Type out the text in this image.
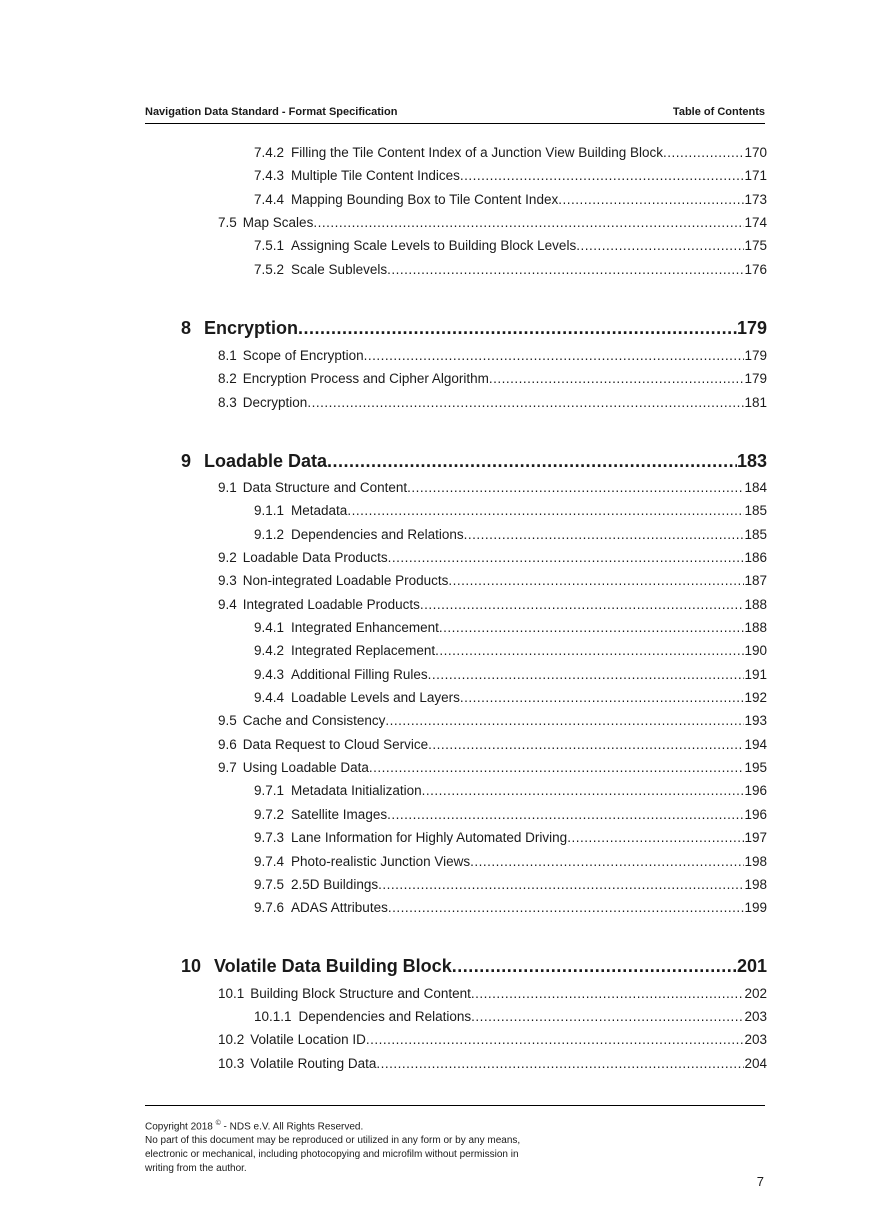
Navigation Data Standard - Format Specification	Table of Contents
7.4.2 Filling the Tile Content Index of a Junction View Building Block .....	170
7.4.3 Multiple Tile Content Indices .....	171
7.4.4 Mapping Bounding Box to Tile Content Index .....	173
7.5 Map Scales .....	174
7.5.1 Assigning Scale Levels to Building Block Levels .....	175
7.5.2 Scale Sublevels .....	176
8 Encryption .....	179
8.1 Scope of Encryption .....	179
8.2 Encryption Process and Cipher Algorithm .....	179
8.3 Decryption .....	181
9 Loadable Data .....	183
9.1 Data Structure and Content .....	184
9.1.1 Metadata .....	185
9.1.2 Dependencies and Relations .....	185
9.2 Loadable Data Products .....	186
9.3 Non-integrated Loadable Products .....	187
9.4 Integrated Loadable Products .....	188
9.4.1 Integrated Enhancement .....	188
9.4.2 Integrated Replacement .....	190
9.4.3 Additional Filling Rules .....	191
9.4.4 Loadable Levels and Layers .....	192
9.5 Cache and Consistency .....	193
9.6 Data Request to Cloud Service .....	194
9.7 Using Loadable Data .....	195
9.7.1 Metadata Initialization .....	196
9.7.2 Satellite Images .....	196
9.7.3 Lane Information for Highly Automated Driving .....	197
9.7.4 Photo-realistic Junction Views .....	198
9.7.5 2.5D Buildings .....	198
9.7.6 ADAS Attributes .....	199
10 Volatile Data Building Block .....	201
10.1 Building Block Structure and Content .....	202
10.1.1 Dependencies and Relations .....	203
10.2 Volatile Location ID .....	203
10.3 Volatile Routing Data .....	204
Copyright 2018 © - NDS e.V. All Rights Reserved.
No part of this document may be reproduced or utilized in any form or by any means,
electronic or mechanical, including photocopying and microfilm without permission in
writing from the author.
7
